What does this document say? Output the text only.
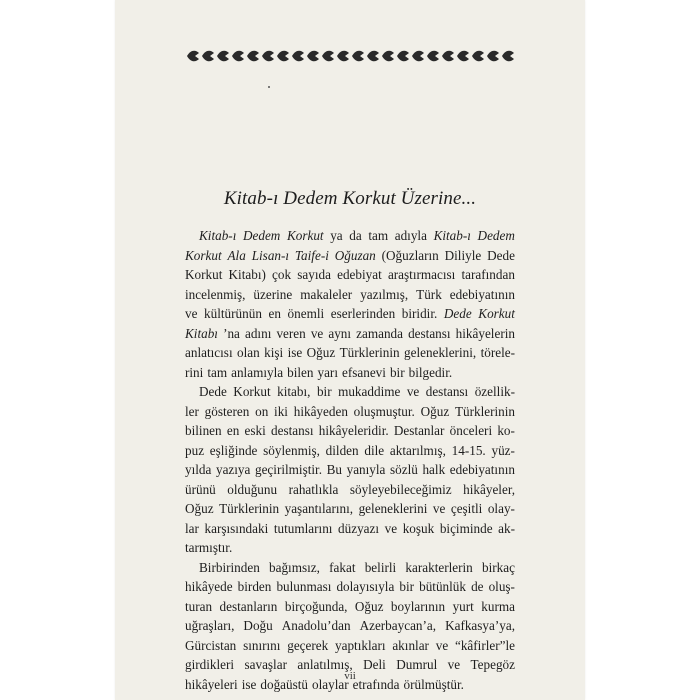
Kitab-ı Dedem Korkut Üzerine...
Kitab-ı Dedem Korkut ya da tam adıyla Kitab-ı Dedem
Korkut Ala Lisan-ı Taife-i Oğuzan (Oğuzların Diliyle Dede
Korkut Kitabı) çok sayıda edebiyat araştırmacısı tarafından
incelenmiş, üzerine makaleler yazılmış, Türk edebiyatının
ve kültürünün en önemli eserlerinden biridir. Dede Korkut
Kitabı ’na adını veren ve aynı zamanda destansı hikâyelerin
anlatıcısı olan kişi ise Oğuz Türklerinin geleneklerini, törele-
rini tam anlamıyla bilen yarı efsanevi bir bilgedir.
Dede Korkut kitabı, bir mukaddime ve destansı özellik-
ler gösteren on iki hikâyeden oluşmuştur. Oğuz Türklerinin
bilinen en eski destansı hikâyeleridir. Destanlar önceleri ko-
puz eşliğinde söylenmiş, dilden dile aktarılmış, 14-15. yüz-
yılda yazıya geçirilmiştir. Bu yanıyla sözlü halk edebiyatının
ürünü olduğunu rahatlıkla söyleyebileceğimiz hikâyeler,
Oğuz Türklerinin yaşantılarını, geleneklerini ve çeşitli olay-
lar karşısındaki tutumlarını düzyazı ve koşuk biçiminde ak-
tarmıştır.
Birbirinden bağımsız, fakat belirli karakterlerin birkaç
hikâyede birden bulunması dolayısıyla bir bütünlük de oluş-
turan destanların birçoğunda, Oğuz boylarının yurt kurma
uğraşları, Doğu Anadolu’dan Azerbaycan’a, Kafkasya’ya,
Gürcistan sınırını geçerek yaptıkları akınlar ve “kâfirler”le
girdikleri savaşlar anlatılmış, Deli Dumrul ve Tepegöz
hikâyeleri ise doğaüstü olaylar etrafında örülmüştür.
vii
